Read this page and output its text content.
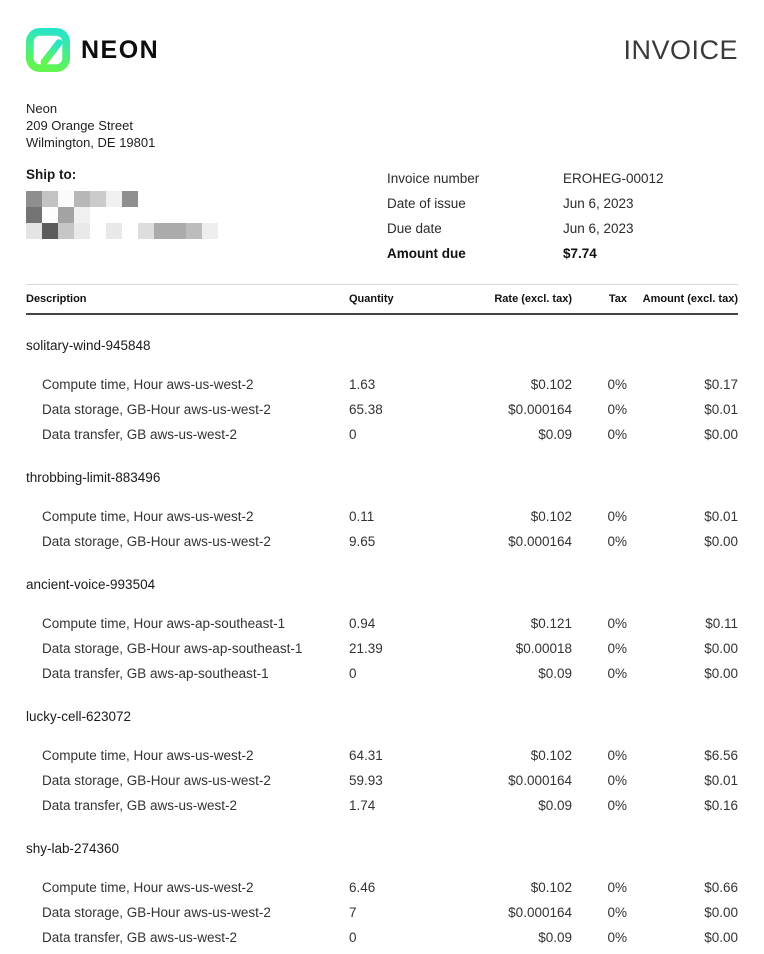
NEON	INVOICE
Neon
209 Orange Street
Wilmington, DE 19801
Ship to:	Invoice number	EROHEG-00012
Date of issue	Jun 6, 2023
Due date	Jun 6, 2023
Amount due	$7.74
Description	Quantity	Rate (excl. tax)	Tax	Amount (excl. tax)
solitary-wind-945848
Compute time, Hour aws-us-west-2	1.63	$0.102	0%	$0.17
Data storage, GB-Hour aws-us-west-2	65.38	$0.000164	0%	$0.01
Data transfer, GB aws-us-west-2	0	$0.09	0%	$0.00
throbbing-limit-883496
Compute time, Hour aws-us-west-2	0.11	$0.102	0%	$0.01
Data storage, GB-Hour aws-us-west-2	9.65	$0.000164	0%	$0.00
ancient-voice-993504
Compute time, Hour aws-ap-southeast-1	0.94	$0.121	0%	$0.11
Data storage, GB-Hour aws-ap-southeast-1	21.39	$0.00018	0%	$0.00
Data transfer, GB aws-ap-southeast-1	0	$0.09	0%	$0.00
lucky-cell-623072
Compute time, Hour aws-us-west-2	64.31	$0.102	0%	$6.56
Data storage, GB-Hour aws-us-west-2	59.93	$0.000164	0%	$0.01
Data transfer, GB aws-us-west-2	1.74	$0.09	0%	$0.16
shy-lab-274360
Compute time, Hour aws-us-west-2	6.46	$0.102	0%	$0.66
Data storage, GB-Hour aws-us-west-2	7	$0.000164	0%	$0.00
Data transfer, GB aws-us-west-2	0	$0.09	0%	$0.00
